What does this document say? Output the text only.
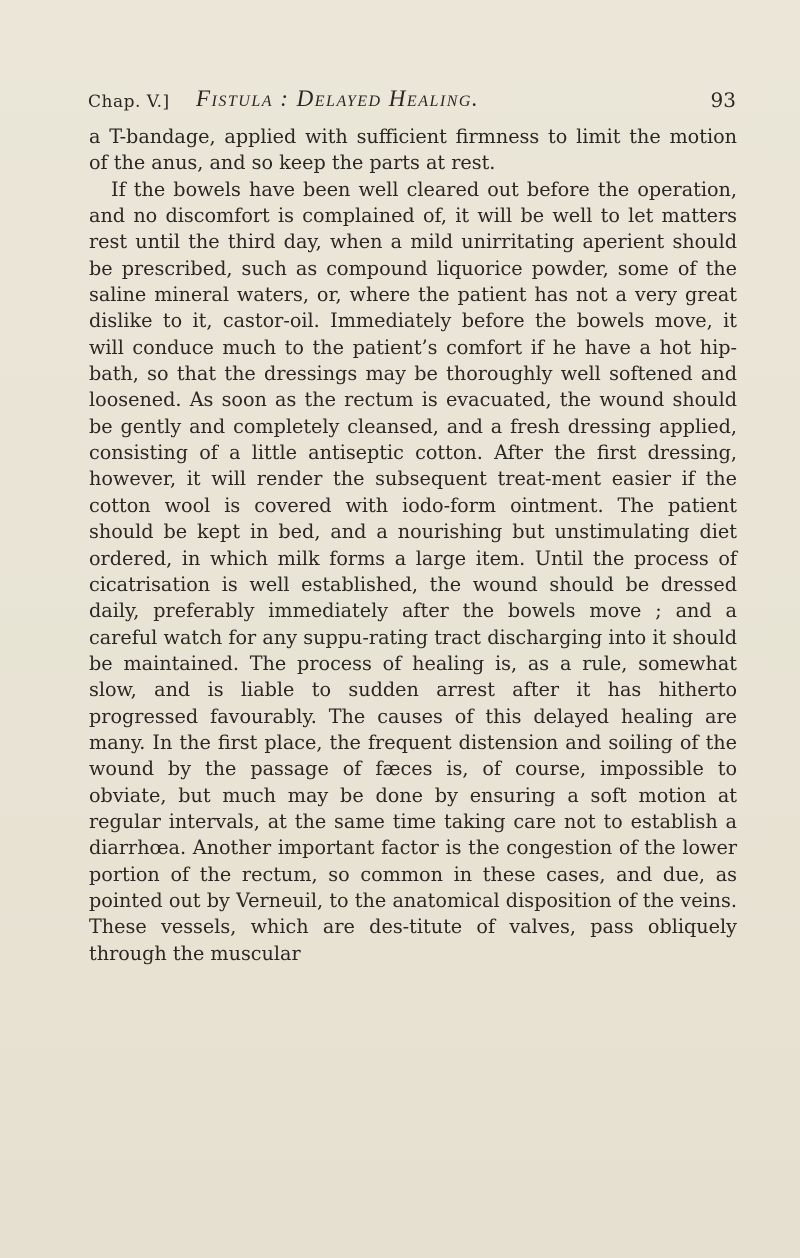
Chap. V.] Fistula : Delayed Healing.	93

a T-bandage, applied with sufficient firmness to limit the motion of the anus, and so keep the parts at rest.

If the bowels have been well cleared out before the operation, and no discomfort is complained of, it will be well to let matters rest until the third day, when a mild unirritating aperient should be prescribed, such as compound liquorice powder, some of the saline mineral waters, or, where the patient has not a very great dislike to it, castor-oil. Immediately before the bowels move, it will conduce much to the patient’s comfort if he have a hot hip-bath, so that the dressings may be thoroughly well softened and loosened. As soon as the rectum is evacuated, the wound should be gently and completely cleansed, and a fresh dressing applied, consisting of a little antiseptic cotton. After the first dressing, however, it will render the subsequent treat-ment easier if the cotton wool is covered with iodo-form ointment. The patient should be kept in bed, and a nourishing but unstimulating diet ordered, in which milk forms a large item. Until the process of cicatrisation is well established, the wound should be dressed daily, preferably immediately after the bowels move ; and a careful watch for any suppu-rating tract discharging into it should be maintained. The process of healing is, as a rule, somewhat slow, and is liable to sudden arrest after it has hitherto progressed favourably. The causes of this delayed healing are many. In the first place, the frequent distension and soiling of the wound by the passage of fæces is, of course, impossible to obviate, but much may be done by ensuring a soft motion at regular intervals, at the same time taking care not to establish a diarrhœa. Another important factor is the congestion of the lower portion of the rectum, so common in these cases, and due, as pointed out by Verneuil, to the anatomical disposition of the veins. These vessels, which are des-titute of valves, pass obliquely through the muscular
